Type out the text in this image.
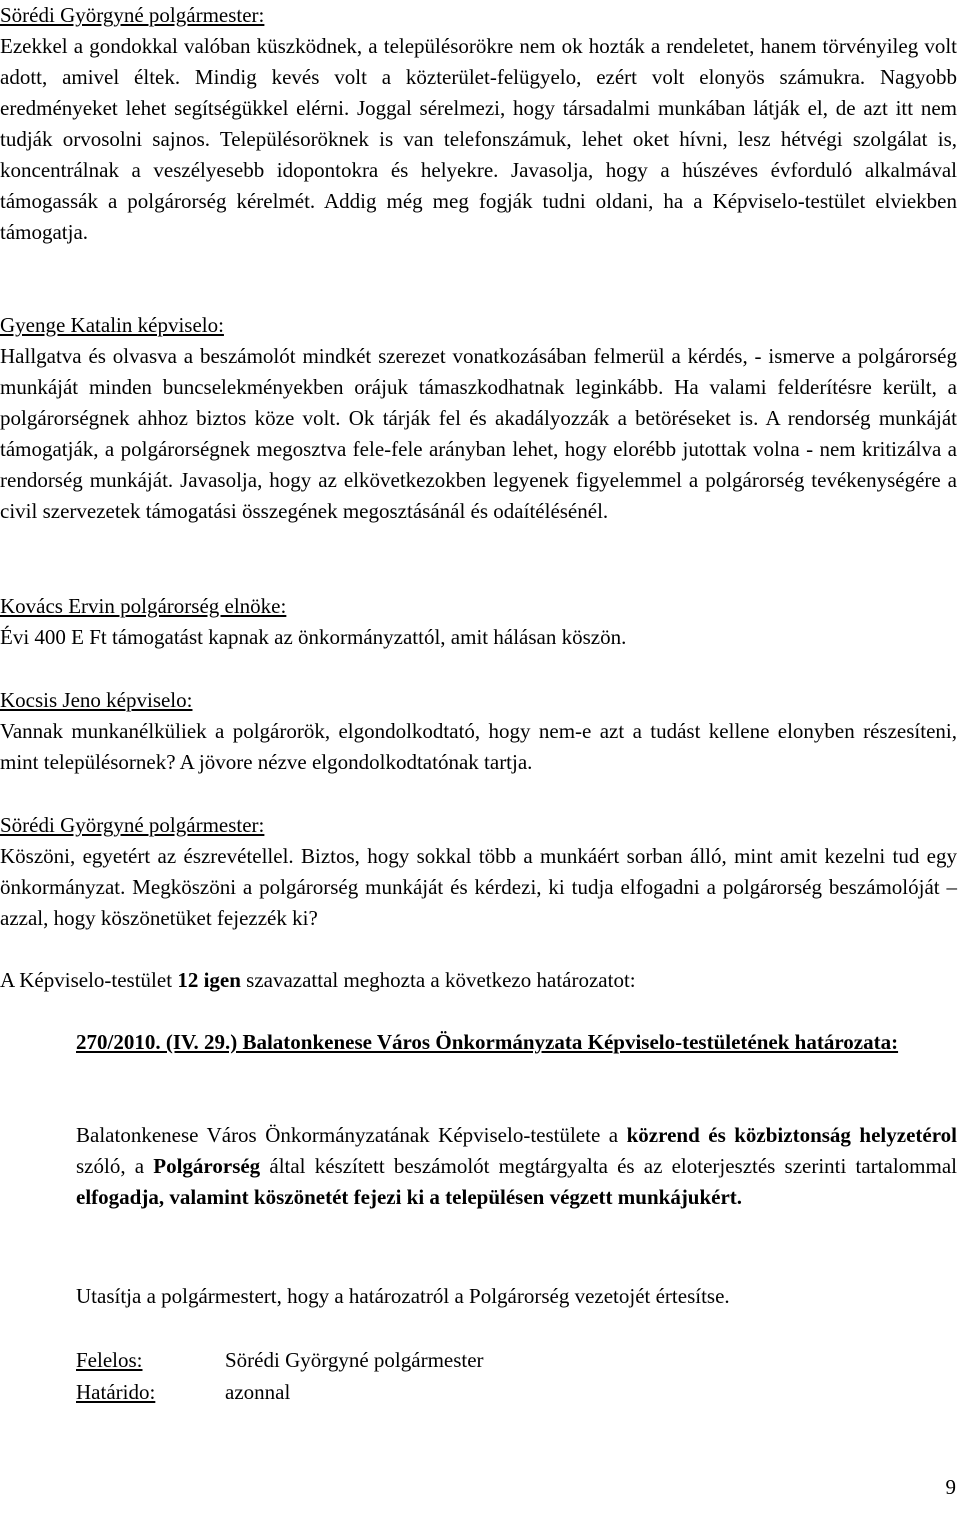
Sörédi Györgyné polgármester:

Ezekkel a gondokkal valóban küszködnek, a településorökre nem ok hozták a rendeletet, hanem törvényileg volt adott, amivel éltek. Mindig kevés volt a közterület-felügyelo, ezért volt elonyös számukra. Nagyobb eredményeket lehet segítségükkel elérni. Joggal sérelmezi, hogy társadalmi munkában látják el, de azt itt nem tudják orvosolni sajnos. Településoröknek is van telefonszámuk, lehet oket hívni, lesz hétvégi szolgálat is, koncentrálnak a veszélyesebb idopontokra és helyekre. Javasolja, hogy a húszéves évforduló alkalmával támogassák a polgárorség kérelmét. Addig még meg fogják tudni oldani, ha a Képviselo-testület elviekben támogatja.

Gyenge Katalin képviselo:

Hallgatva és olvasva a beszámolót mindkét szerezet vonatkozásában felmerül a kérdés, - ismerve a polgárorség munkáját minden buncselekményekben orájuk támaszkodhatnak leginkább. Ha valami felderítésre került, a polgárorségnek ahhoz biztos köze volt. Ok tárják fel és akadályozzák a betöréseket is. A rendorség munkáját támogatják, a polgárorségnek megosztva fele-fele arányban lehet, hogy elorébb jutottak volna - nem kritizálva a rendorség munkáját. Javasolja, hogy az elkövetkezokben legyenek figyelemmel a polgárorség tevékenységére a civil szervezetek támogatási összegének megosztásánál és odaítélésénél.

Kovács Ervin polgárorség elnöke:

Évi 400 E Ft támogatást kapnak az önkormányzattól, amit hálásan köszön.

Kocsis Jeno képviselo:

Vannak munkanélküliek a polgárorök, elgondolkodtató, hogy nem-e azt a tudást kellene elonyben részesíteni, mint településornek? A jövore nézve elgondolkodtatónak tartja.

Sörédi Györgyné polgármester:

Köszöni, egyetért az észrevétellel. Biztos, hogy sokkal több a munkáért sorban álló, mint amit kezelni tud egy önkormányzat. Megköszöni a polgárorség munkáját és kérdezi, ki tudja elfogadni a polgárorség beszámolóját – azzal, hogy köszönetüket fejezzék ki?

A Képviselo-testület 12 igen szavazattal meghozta a következo határozatot:

270/2010. (IV. 29.) Balatonkenese Város Önkormányzata Képviselo-testületének határozata:
Balatonkenese Város Önkormányzatának Képviselo-testülete a közrend és közbiztonság helyzetérol szóló, a Polgárorség által készített beszámolót megtárgyalta és az eloterjesztés szerinti tartalommal elfogadja, valamint köszönetét fejezi ki a településen végzett munkájukért.
Utasítja a polgármestert, hogy a határozatról a Polgárorség vezetojét értesítse.
Felelos:	Sörédi Györgyné polgármester
Határido:	azonnal
9
